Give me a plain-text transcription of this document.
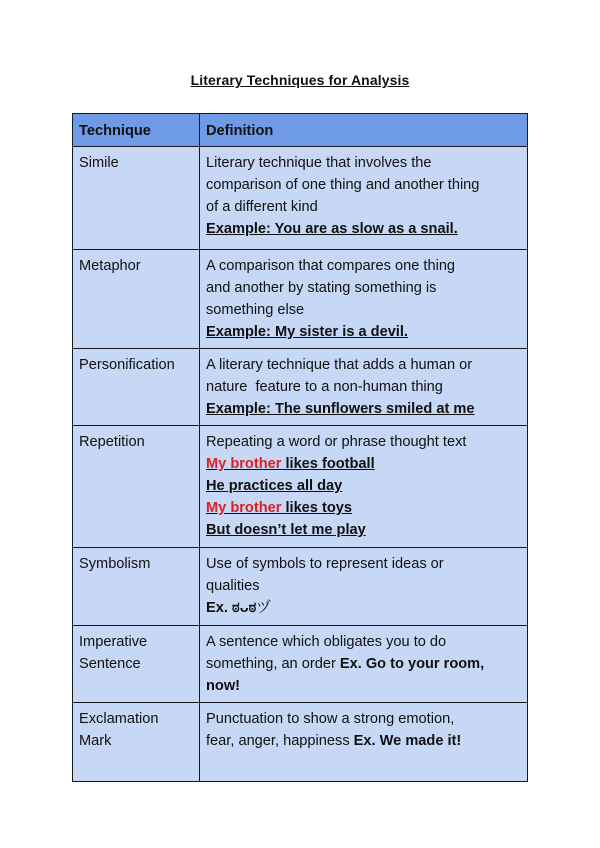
Literary Techniques for Analysis
Technique	Definition
Simile	Literary technique that involves the
comparison of one thing and another thing
of a different kind
Example: You are as slow as a snail.

Metaphor	A comparison that compares one thing
and another by stating something is
something else
Example: My sister is a devil.

Personification	A literary technique that adds a human or
nature  feature to a non-human thing
Example: The sunflowers smiled at me

Repetition	Repeating a word or phrase thought text
My brother likes football
He practices all day
My brother likes toys
But doesn’t let me play

Symbolism	Use of symbols to represent ideas or
qualities
Ex. ಠᴗಠヅ

Imperative
Sentence	A sentence which obligates you to do
something, an order Ex. Go to your room,
now!

Exclamation
Mark	Punctuation to show a strong emotion,
fear, anger, happiness Ex. We made it!
